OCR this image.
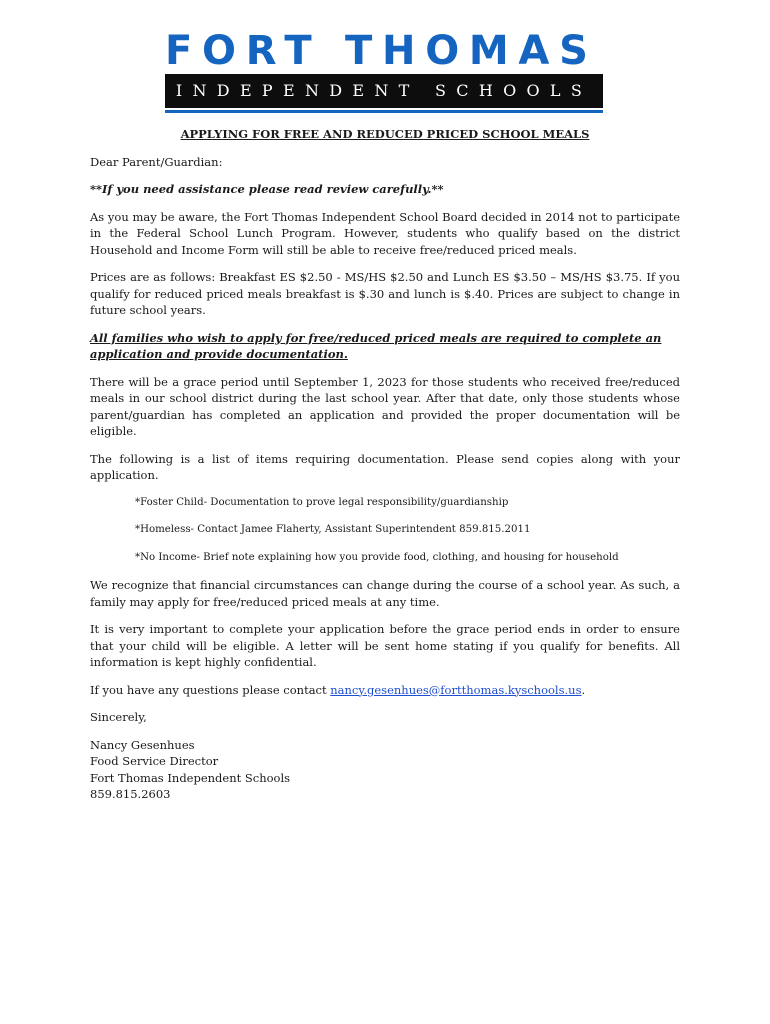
FORT THOMAS
INDEPENDENT SCHOOLS
APPLYING FOR FREE AND REDUCED PRICED SCHOOL MEALS

Dear Parent/Guardian:

**If you need assistance please read review carefully.**

As you may be aware, the Fort Thomas Independent School Board decided in 2014 not to participate in the Federal School Lunch Program. However, students who qualify based on the district Household and Income Form will still be able to receive free/reduced priced meals.

Prices are as follows: Breakfast ES $2.50 - MS/HS $2.50 and Lunch ES $3.50 – MS/HS $3.75. If you qualify for reduced priced meals breakfast is $.30 and lunch is $.40. Prices are subject to change in future school years.

All families who wish to apply for free/reduced priced meals are required to complete an application and provide documentation.

There will be a grace period until September 1, 2023 for those students who received free/reduced meals in our school district during the last school year. After that date, only those students whose parent/guardian has completed an application and provided the proper documentation will be eligible.

The following is a list of items requiring documentation. Please send copies along with your application.

*Foster Child- Documentation to prove legal responsibility/guardianship
*Homeless- Contact Jamee Flaherty, Assistant Superintendent 859.815.2011
*No Income- Brief note explaining how you provide food, clothing, and housing for household

We recognize that financial circumstances can change during the course of a school year. As such, a family may apply for free/reduced priced meals at any time.

It is very important to complete your application before the grace period ends in order to ensure that your child will be eligible. A letter will be sent home stating if you qualify for benefits. All information is kept highly confidential.

If you have any questions please contact nancy.gesenhues@fortthomas.kyschools.us.

Sincerely,

Nancy Gesenhues

Food Service Director

Fort Thomas Independent Schools

859.815.2603
